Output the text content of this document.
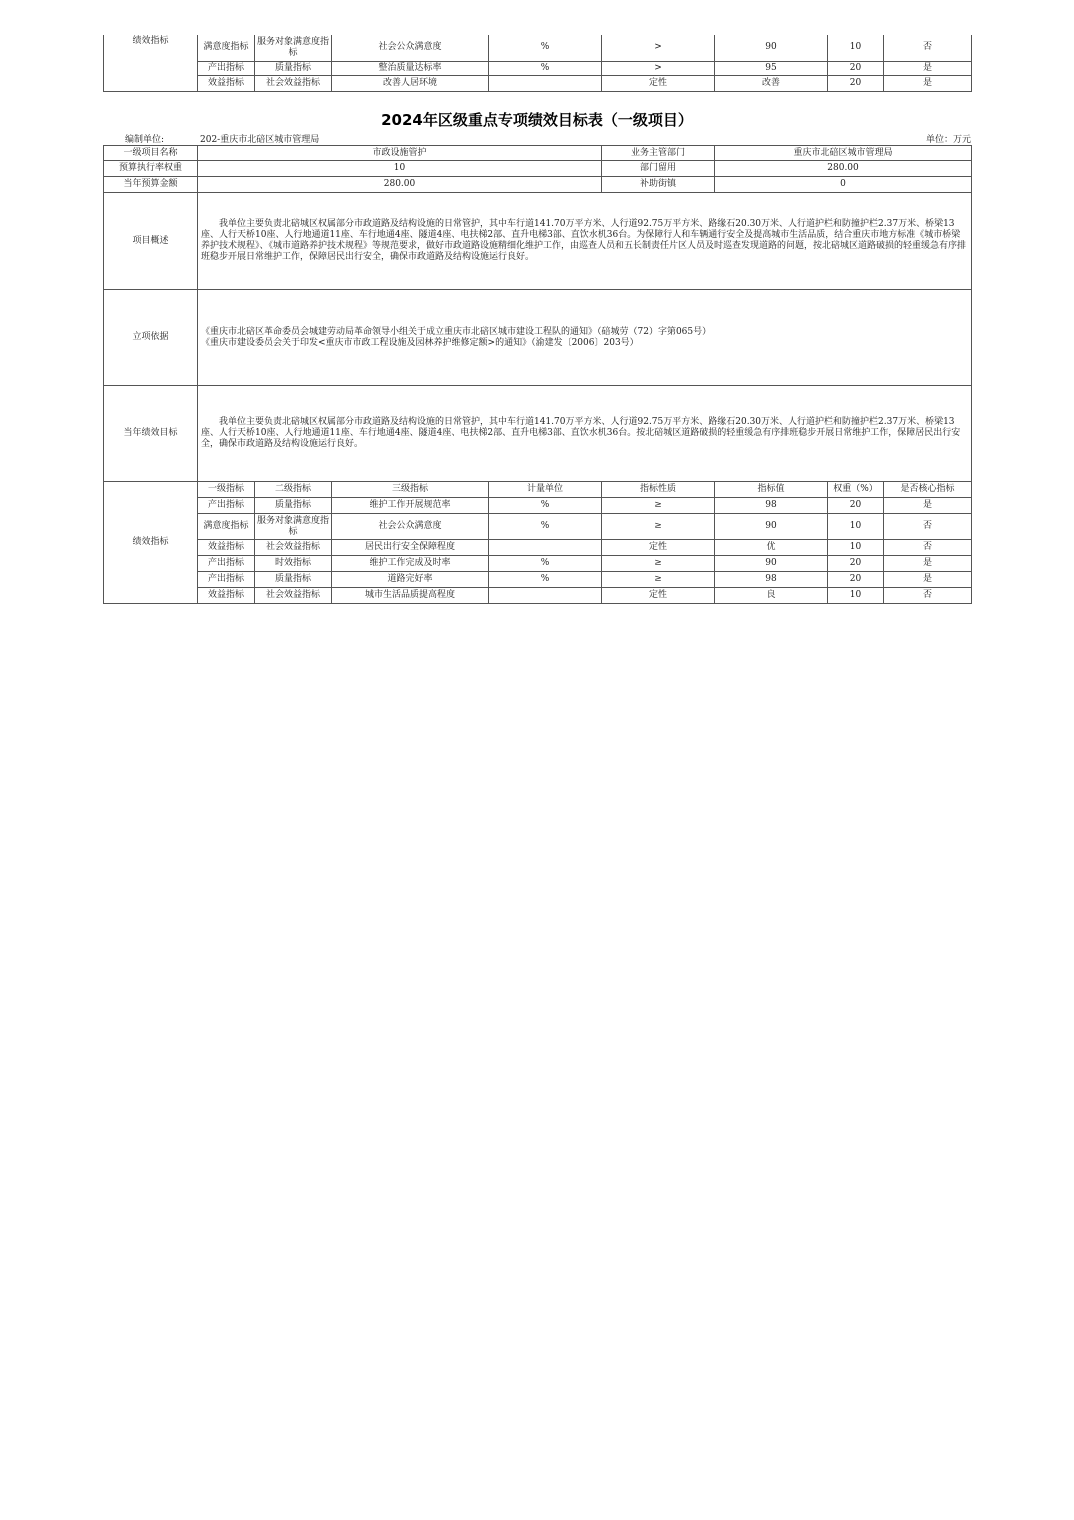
绩效指标	满意度指标	服务对象满意度指标	社会公众满意度	%	>	90	10	否
	产出指标	质量指标	整治质量达标率	%	>	95	20	是
	效益指标	社会效益指标	改善人居环境		定性	改善	20	是
2024年区级重点专项绩效目标表（一级项目）
编制单位:	202-重庆市北碚区城市管理局	单位：万元
一级项目名称	市政设施管护				业务主管部门	重庆市北碚区城市管理局		
预算执行率权重	10				部门留用	280.00		
当年预算金额	280.00				补助街镇	0		
项目概述	我单位主要负责北碚城区权属部分市政道路及结构设施的日常管护，其中车行道141.70万平方米、人行道92.75万平方米、路缘石20.30万米、人行道护栏和防撞护栏2.37万米、桥梁13座、人行天桥10座、人行地通道11座、车行地通4座、隧道4座、电扶梯2部、直升电梯3部、直饮水机36台。为保障行人和车辆通行安全及提高城市生活品质，结合重庆市地方标准《城市桥梁养护技术规程》、《城市道路养护技术规程》等规范要求，做好市政道路设施精细化维护工作，由巡查人员和五长制责任片区人员及时巡查发现道路的问题，按北碚城区道路破损的轻重缓急有序排班稳步开展日常维护工作，保障居民出行安全，确保市政道路及结构设施运行良好。							

立项依据	《重庆市北碚区革命委员会城建劳动局革命领导小组关于成立重庆市北碚区城市建设工程队的通知》（碚城劳（72）字第065号）
《重庆市建设委员会关于印发<重庆市市政工程设施及园林养护维修定额>的通知》（渝建发〔2006〕203号）							

当年绩效目标	我单位主要负责北碚城区权属部分市政道路及结构设施的日常管护，其中车行道141.70万平方米、人行道92.75万平方米、路缘石20.30万米、人行道护栏和防撞护栏2.37万米、桥梁13座、人行天桥10座、人行地通道11座、车行地通4座、隧道4座、电扶梯2部、直升电梯3部、直饮水机36台。按北碚城区道路破损的轻重缓急有序排班稳步开展日常维护工作，保障居民出行安全，确保市政道路及结构设施运行良好。							

绩效指标	一级指标	二级指标	三级指标	计量单位	指标性质	指标值	权重（%）	是否核心指标
	产出指标	质量指标	维护工作开展规范率	%	≥	98	20	是
	满意度指标	服务对象满意度指标	社会公众满意度	%	≥	90	10	否
	效益指标	社会效益指标	居民出行安全保障程度		定性	优	10	否
	产出指标	时效指标	维护工作完成及时率	%	≥	90	20	是
	产出指标	质量指标	道路完好率	%	≥	98	20	是
	效益指标	社会效益指标	城市生活品质提高程度		定性	良	10	否
